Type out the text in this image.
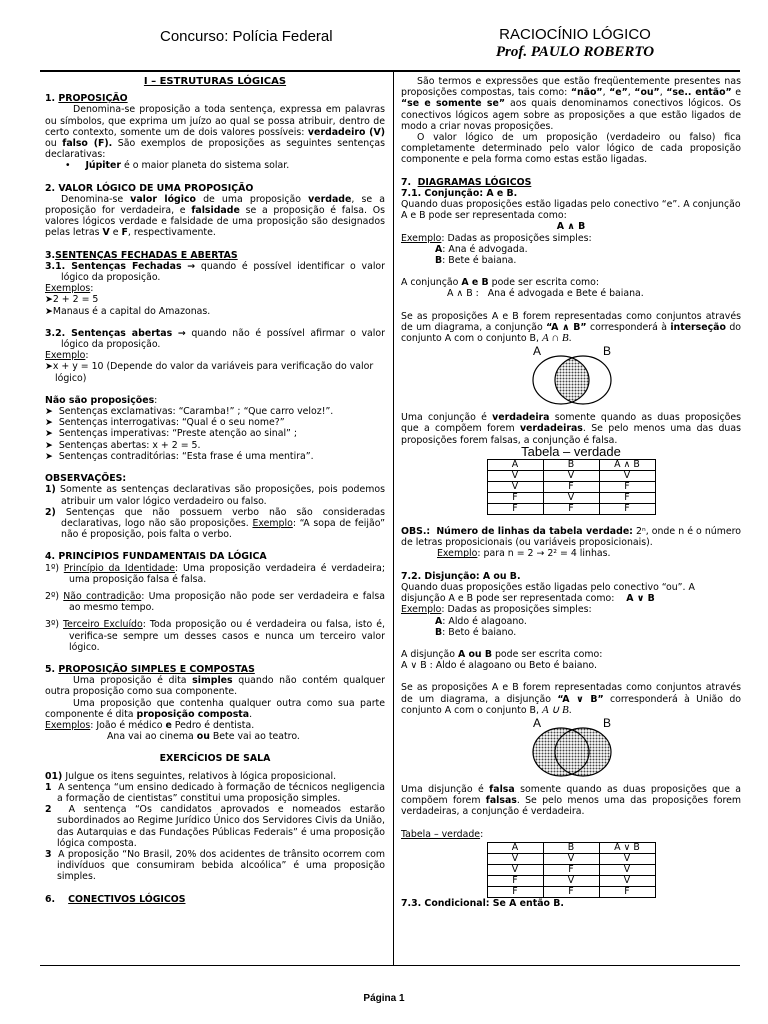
Concurso: Polícia Federal	RACIOCÍNIO LÓGICO
Prof. PAULO ROBERTO

I – ESTRUTURAS LÓGICAS

1. PROPOSIÇÃO

Denomina-se proposição a toda sentença, expressa em palavras ou símbolos, que exprima um juízo ao qual se possa atribuir, dentro de certo contexto, somente um de dois valores possíveis: verdadeiro (V) ou falso (F). São exemplos de proposições as seguintes sentenças declarativas:

• Júpiter é o maior planeta do sistema solar.

2. VALOR LÓGICO DE UMA PROPOSIÇÃO

Denomina-se valor lógico de uma proposição verdade, se a proposição for verdadeira, e falsidade se a proposição é falsa. Os valores lógicos verdade e falsidade de uma proposição são designados pelas letras V e F, respectivamente.

3.SENTENÇAS FECHADAS E ABERTAS

3.1. Sentenças Fechadas → quando é possível identificar o valor lógico da proposição.

Exemplos:

➤2 + 2 = 5

➤Manaus é a capital do Amazonas.

3.2. Sentenças abertas → quando não é possível afirmar o valor lógico da proposição.

Exemplo:

➤x + y = 10 (Depende do valor da variáveis para verificação do valor lógico)

Não são proposições:

➤  Sentenças exclamativas: “Caramba!” ; “Que carro veloz!”.

➤  Sentenças interrogativas: “Qual é o seu nome?”

➤  Sentenças imperativas: “Preste atenção ao sinal” ;

➤  Sentenças abertas: x + 2 = 5.

➤  Sentenças contraditórias: “Esta frase é uma mentira”.

OBSERVAÇÕES:

1) Somente as sentenças declarativas são proposições, pois podemos atribuir um valor lógico verdadeiro ou falso.

2) Sentenças que não possuem verbo não são consideradas declarativas, logo não são proposições. Exemplo: “A sopa de feijão” não é proposição, pois falta o verbo.

4. PRINCÍPIOS FUNDAMENTAIS DA LÓGICA

1º) Princípio da Identidade: Uma proposição verdadeira é verdadeira; uma proposição falsa é falsa.

2º) Não contradição: Uma proposição não pode ser verdadeira e falsa ao mesmo tempo.

3º) Terceiro Excluído: Toda proposição ou é verdadeira ou falsa, isto é, verifica-se sempre um desses casos e nunca um terceiro valor lógico.

5. PROPOSIÇÃO SIMPLES E COMPOSTAS

Uma proposição é dita simples quando não contém qualquer outra proposição como sua componente.

Uma proposição que contenha qualquer outra como sua parte componente é dita proposição composta.

Exemplos: João é médico e Pedro é dentista.

Ana vai ao cinema ou Bete vai ao teatro.

EXERCÍCIOS DE SALA

01) Julgue os itens seguintes, relativos à lógica proposicional.

1 A sentença “um ensino dedicado à formação de técnicos negligencia a formação de cientistas” constitui uma proposição simples.

2 A sentença “Os candidatos aprovados e nomeados estarão subordinados ao Regime Jurídico Único dos Servidores Civis da União, das Autarquias e das Fundações Públicas Federais” é uma proposição lógica composta.

3 A proposição “No Brasil, 20% dos acidentes de trânsito ocorrem com indivíduos que consumiram bebida alcoólica” é uma proposição simples.

6. CONECTIVOS LÓGICOS

São termos e expressões que estão freqüentemente presentes nas proposições compostas, tais como: “não”, “e”, “ou”, “se.. então” e “se e somente se” aos quais denominamos conectivos lógicos. Os conectivos lógicos agem sobre as proposições a que estão ligados de modo a criar novas proposições.

O valor lógico de um proposição (verdadeiro ou falso) fica completamente determinado pelo valor lógico de cada proposição componente e pela forma como estas estão ligadas.

7. DIAGRAMAS LÓGICOS

7.1. Conjunção: A e B.

Quando duas proposições estão ligadas pelo conectivo “e”. A conjunção A e B pode ser representada como:

A ∧ B

Exemplo: Dadas as proposições simples:

A: Ana é advogada.

B: Bete é baiana.

A conjunção A e B pode ser escrita como:

A ∧ B : Ana é advogada e Bete é baiana.

Se as proposições A e B forem representadas como conjuntos através de um diagrama, a conjunção “A ∧ B” corresponderá à interseção do conjunto A com o conjunto B, A ∩ B.

A	B

Uma conjunção é verdadeira somente quando as duas proposições que a compõem forem verdadeiras. Se pelo menos uma das duas proposições forem falsas, a conjunção é falsa.

Tabela – verdade

A	B	A ∧ B
V	V	V
V	F	F
F	V	F
F	F	F

OBS.: Número de linhas da tabela verdade: 2ⁿ, onde n é o número de letras proposicionais (ou variáveis proposicionais).

Exemplo: para n = 2 → 2² = 4 linhas.

7.2. Disjunção: A ou B.

Quando duas proposições estão ligadas pelo conectivo “ou”. A disjunção A e B pode ser representada como: A ∨ B

Exemplo: Dadas as proposições simples:

A: Aldo é alagoano.

B: Beto é baiano.

A disjunção A ou B pode ser escrita como:

A ∨ B : Aldo é alagoano ou Beto é baiano.

Se as proposições A e B forem representadas como conjuntos através de um diagrama, a disjunção “A ∨ B” corresponderá à União do conjunto A com o conjunto B, A ∪ B.

A	B

Uma disjunção é falsa somente quando as duas proposições que a compõem forem falsas. Se pelo menos uma das proposições forem verdadeiras, a conjunção é verdadeira.

Tabela – verdade:

A	B	A ∨ B
V	V	V
V	F	V
F	V	V
F	F	F

7.3. Condicional: Se A então B.

Página 1
